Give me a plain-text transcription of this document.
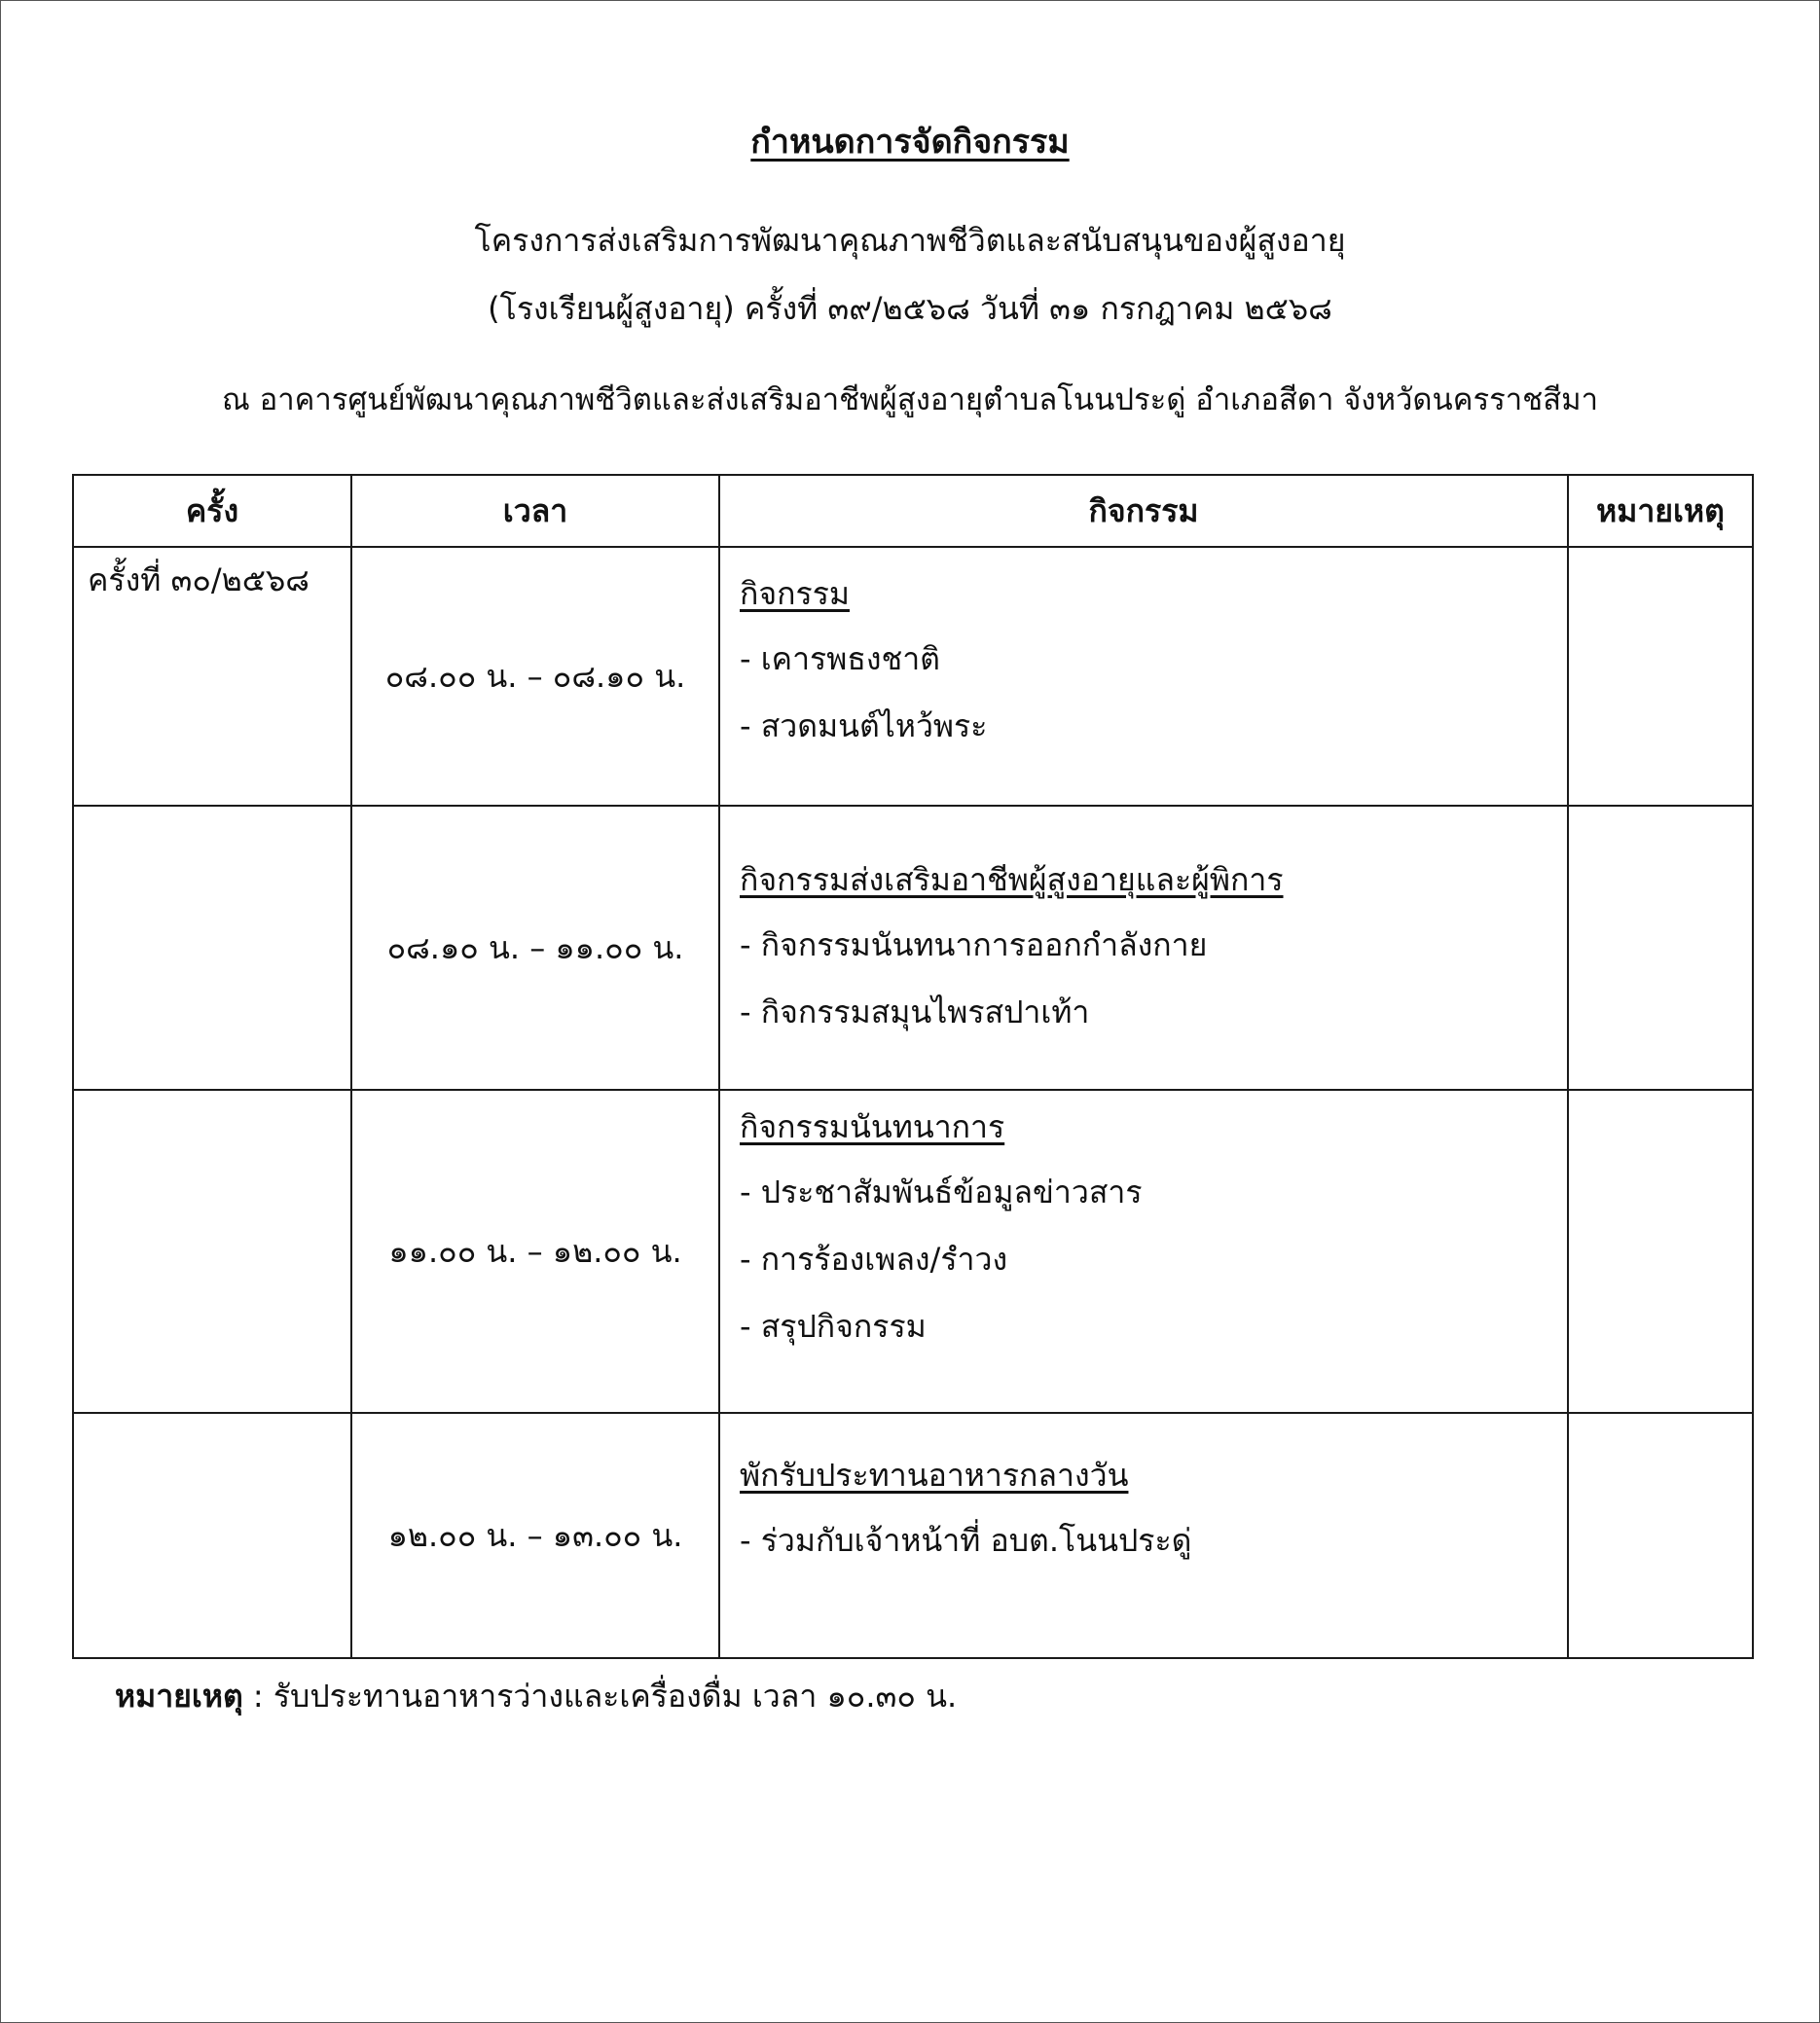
กำหนดการจัดกิจกรรม
โครงการส่งเสริมการพัฒนาคุณภาพชีวิตและสนับสนุนของผู้สูงอายุ
(โรงเรียนผู้สูงอายุ) ครั้งที่ ๓๙/๒๕๖๘ วันที่ ๓๑ กรกฎาคม ๒๕๖๘
ณ อาคารศูนย์พัฒนาคุณภาพชีวิตและส่งเสริมอาชีพผู้สูงอายุตำบลโนนประดู่ อำเภอสีดา จังหวัดนครราชสีมา
ครั้ง	เวลา	กิจกรรม	หมายเหตุ
ครั้งที่ ๓๐/๒๕๖๘	๐๘.๐๐ น. – ๐๘.๑๐ น.	กิจกรรม
- เคารพธงชาติ
- สวดมนต์ไหว้พระ	

	๐๘.๑๐ น. – ๑๑.๐๐ น.	กิจกรรมส่งเสริมอาชีพผู้สูงอายุและผู้พิการ
- กิจกรรมนันทนาการออกกำลังกาย
- กิจกรรมสมุนไพรสปาเท้า	

	๑๑.๐๐ น. – ๑๒.๐๐ น.	กิจกรรมนันทนาการ
- ประชาสัมพันธ์ข้อมูลข่าวสาร
- การร้องเพลง/รำวง
- สรุปกิจกรรม	

	๑๒.๐๐ น. – ๑๓.๐๐ น.	พักรับประทานอาหารกลางวัน
- ร่วมกับเจ้าหน้าที่ อบต.โนนประดู่	

หมายเหตุ : รับประทานอาหารว่างและเครื่องดื่ม เวลา ๑๐.๓๐ น.
